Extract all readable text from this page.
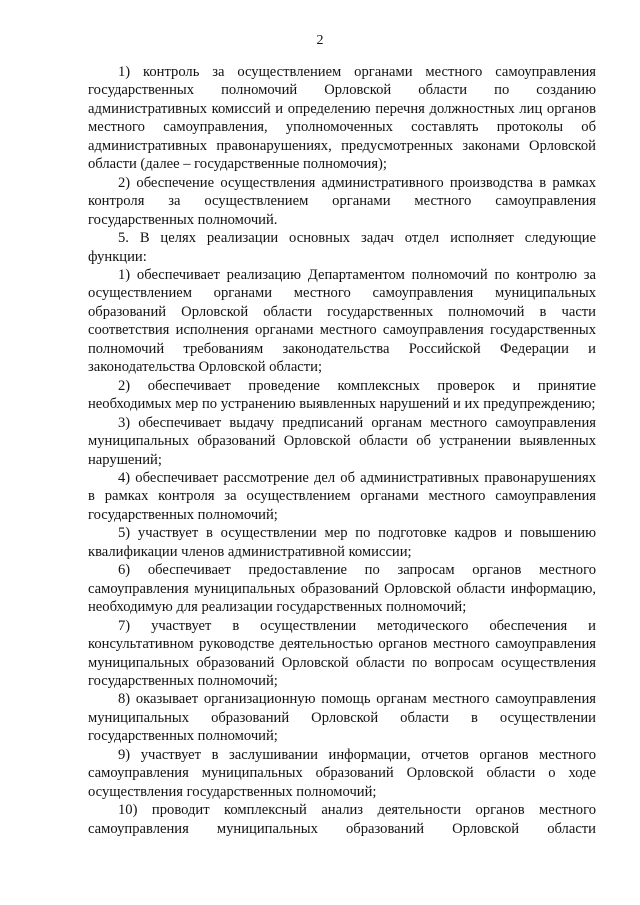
2

1) контроль за осуществлением органами местного самоуправления государственных полномочий Орловской области по созданию административных комиссий и определению перечня должностных лиц органов местного самоуправления, уполномоченных составлять протоколы об административных правонарушениях, предусмотренных законами Орловской области (далее – государственные полномочия);

2) обеспечение осуществления административного производства в рамках контроля за осуществлением органами местного самоуправления государственных полномочий.

5. В целях реализации основных задач отдел исполняет следующие функции:

1) обеспечивает реализацию Департаментом полномочий по контролю за осуществлением органами местного самоуправления муниципальных образований Орловской области государственных полномочий в части соответствия исполнения органами местного самоуправления государственных полномочий требованиям законодательства Российской Федерации и законодательства Орловской области;

2) обеспечивает проведение комплексных проверок и принятие необходимых мер по устранению выявленных нарушений и их предупреждению;

3) обеспечивает выдачу предписаний органам местного самоуправления муниципальных образований Орловской области об устранении выявленных нарушений;

4) обеспечивает рассмотрение дел об административных правонарушениях в рамках контроля за осуществлением органами местного самоуправления государственных полномочий;

5) участвует в осуществлении мер по подготовке кадров и повышению квалификации членов административной комиссии;

6) обеспечивает предоставление по запросам органов местного самоуправления муниципальных образований Орловской области информацию, необходимую для реализации государственных полномочий;

7) участвует в осуществлении методического обеспечения и консультативном руководстве деятельностью органов местного самоуправления муниципальных образований Орловской области по вопросам осуществления государственных полномочий;

8) оказывает организационную помощь органам местного самоуправления муниципальных образований Орловской области в осуществлении государственных полномочий;

9) участвует в заслушивании информации, отчетов органов местного самоуправления муниципальных образований Орловской области о ходе осуществления государственных полномочий;

10) проводит комплексный анализ деятельности органов местного самоуправления муниципальных образований Орловской области
